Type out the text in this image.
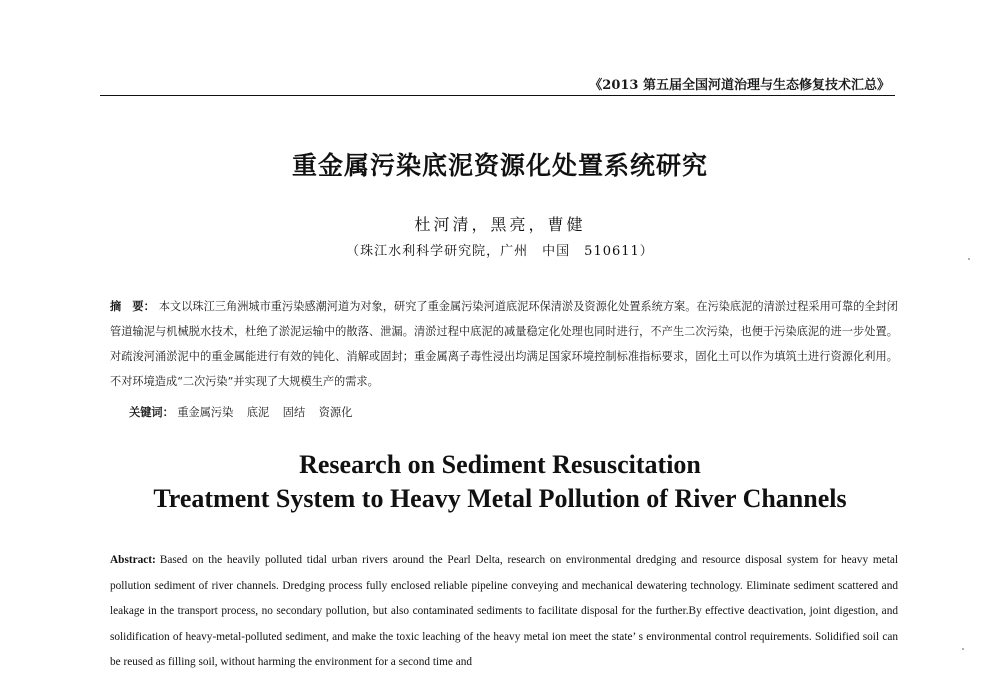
《2013 第五届全国河道治理与生态修复技术汇总》
重金属污染底泥资源化处置系统研究
杜河清，黑亮，曹健
（珠江水利科学研究院，广州　中国　510611）
摘　要： 本文以珠江三角洲城市重污染感潮河道为对象，研究了重金属污染河道底泥环保清淤及资源化处置系统方案。在污染底泥的清淤过程采用可靠的全封闭管道输泥与机械脱水技术，杜绝了淤泥运输中的散落、泄漏。清淤过程中底泥的减量稳定化处理也同时进行，不产生二次污染，也便于污染底泥的进一步处置。对疏浚河涌淤泥中的重金属能进行有效的钝化、消解或固封；重金属离子毒性浸出均满足国家环境控制标准指标要求，固化土可以作为填筑土进行资源化利用。不对环境造成“二次污染”并实现了大规模生产的需求。
关键词： 重金属污染 底泥 固结 资源化
Research on Sediment Resuscitation
Treatment System to Heavy Metal Pollution of River Channels
Abstract: Based on the heavily polluted tidal urban rivers around the Pearl Delta, research on environmental dredging and resource disposal system for heavy metal pollution sediment of river channels. Dredging process fully enclosed reliable pipeline conveying and mechanical dewatering technology. Eliminate sediment scattered and leakage in the transport process, no secondary pollution, but also contaminated sediments to facilitate disposal for the further.By effective deactivation, joint digestion, and solidification of heavy-metal-polluted sediment, and make the toxic leaching of the heavy metal ion meet the state’ s environmental control requirements. Solidified soil can be reused as filling soil, without harming the environment for a second time and
